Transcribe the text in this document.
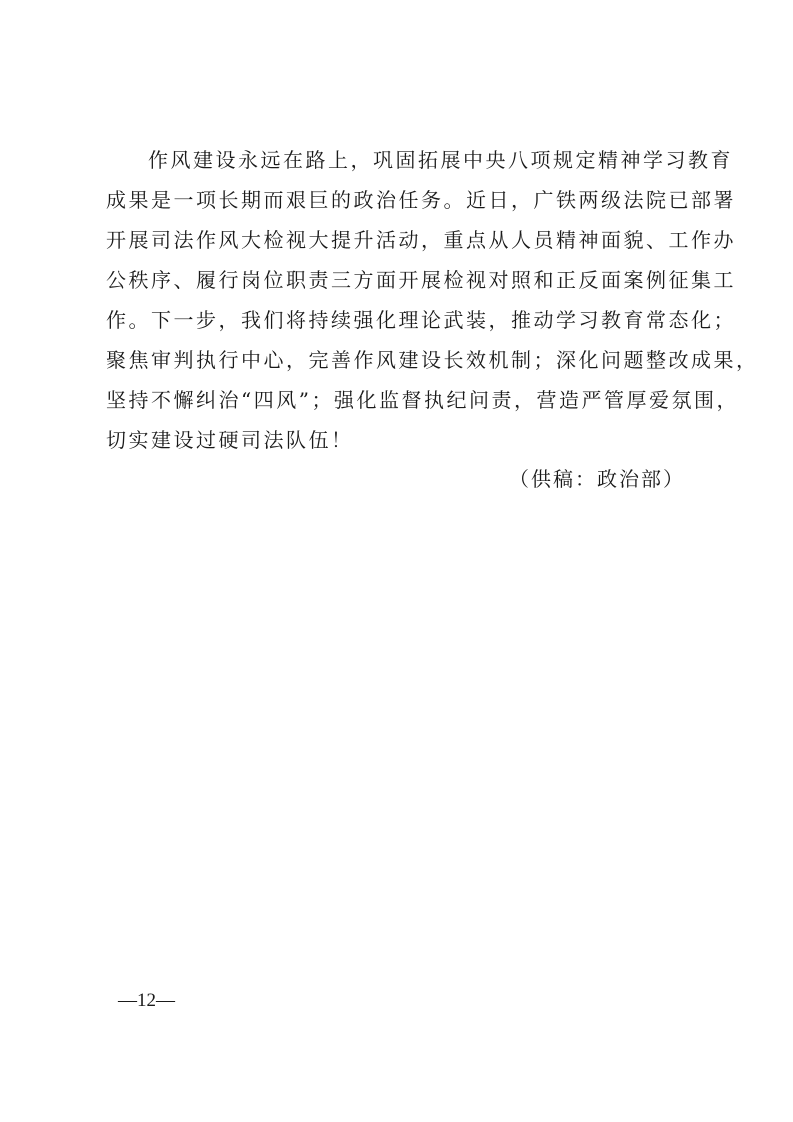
作风建设永远在路上，巩固拓展中央八项规定精神学习教育
成果是一项长期而艰巨的政治任务。近日，广铁两级法院已部署
开展司法作风大检视大提升活动，重点从人员精神面貌、工作办
公秩序、履行岗位职责三方面开展检视对照和正反面案例征集工
作。下一步，我们将持续强化理论武装，推动学习教育常态化；
聚焦审判执行中心，完善作风建设长效机制；深化问题整改成果，
坚持不懈纠治“四风”；强化监督执纪问责，营造严管厚爱氛围，
切实建设过硬司法队伍！
（供稿：政治部）
—12—
